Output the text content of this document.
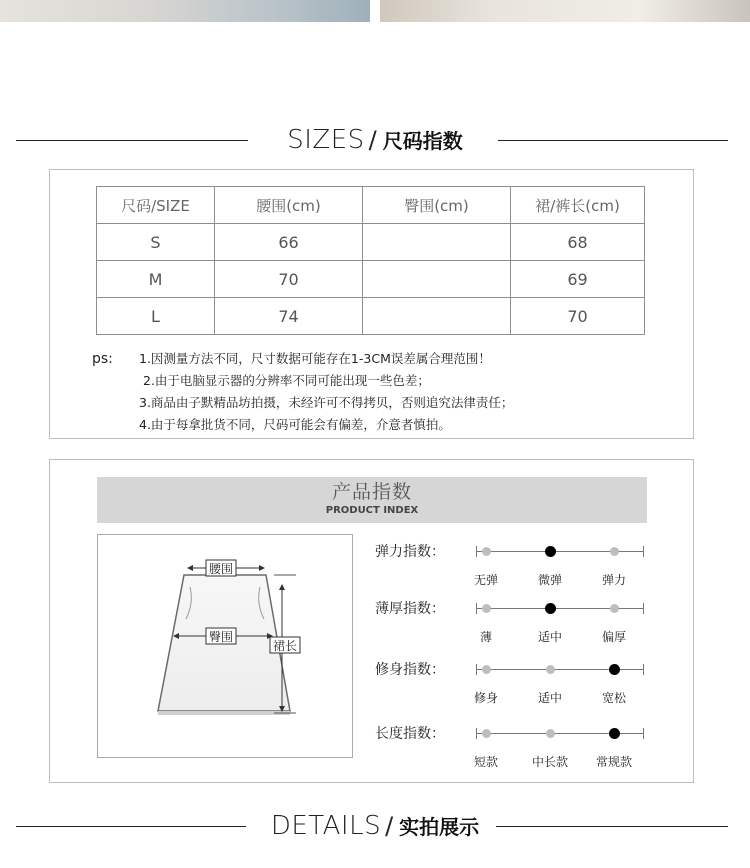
SIZES / 尺码指数
尺码/SIZE	腰围(cm)	臀围(cm)	裙/裤长(cm)
S	66		68
M	70		69
L	74		70
ps: 1.因测量方法不同，尺寸数据可能存在1-3CM误差属合理范围！
2.由于电脑显示器的分辨率不同可能出现一些色差；
3.商品由子默精品坊拍摄，未经许可不得拷贝，否则追究法律责任；
4.由于每拿批货不同，尺码可能会有偏差，介意者慎拍。
产品指数
PRODUCT INDEX
腰围
臀围
裙长
弹力指数：
无弹	微弹	弹力
薄厚指数：
薄	适中	偏厚
修身指数：
修身	适中	宽松
长度指数：
短款	中长款	常规款
DETAILS / 实拍展示
